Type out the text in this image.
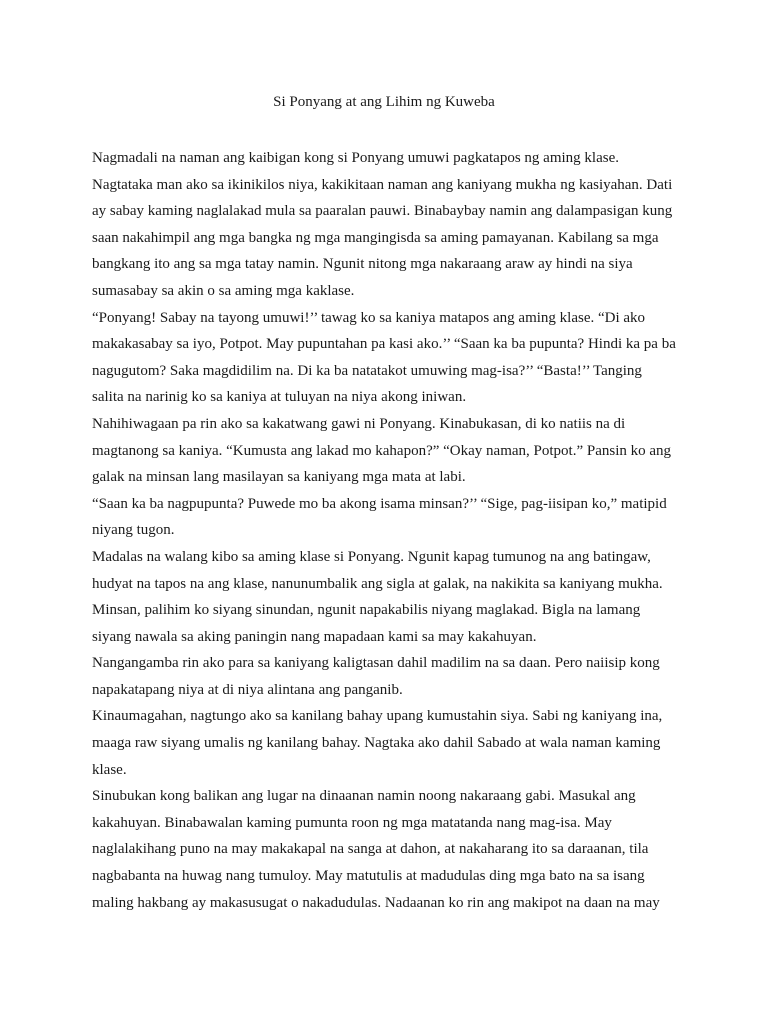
Si Ponyang at ang Lihim ng Kuweba
Nagmadali na naman ang kaibigan kong si Ponyang umuwi pagkatapos ng aming klase.
Nagtataka man ako sa ikinikilos niya, kakikitaan naman ang kaniyang mukha ng kasiyahan. Dati
ay sabay kaming naglalakad mula sa paaralan pauwi. Binabaybay namin ang dalampasigan kung
saan nakahimpil ang mga bangka ng mga mangingisda sa aming pamayanan. Kabilang sa mga
bangkang ito ang sa mga tatay namin. Ngunit nitong mga nakaraang araw ay hindi na siya
sumasabay sa akin o sa aming mga kaklase.
“Ponyang! Sabay na tayong umuwi!’’ tawag ko sa kaniya matapos ang aming klase. “Di ako
makakasabay sa iyo, Potpot. May pupuntahan pa kasi ako.’’ “Saan ka ba pupunta? Hindi ka pa ba
nagugutom? Saka magdidilim na. Di ka ba natatakot umuwing mag-isa?’’ “Basta!’’ Tanging
salita na narinig ko sa kaniya at tuluyan na niya akong iniwan.
Nahihiwagaan pa rin ako sa kakatwang gawi ni Ponyang. Kinabukasan, di ko natiis na di
magtanong sa kaniya. “Kumusta ang lakad mo kahapon?” “Okay naman, Potpot.” Pansin ko ang
galak na minsan lang masilayan sa kaniyang mga mata at labi.
“Saan ka ba nagpupunta? Puwede mo ba akong isama minsan?’’ “Sige, pag-iisipan ko,” matipid
niyang tugon.
Madalas na walang kibo sa aming klase si Ponyang. Ngunit kapag tumunog na ang batingaw,
hudyat na tapos na ang klase, nanunumbalik ang sigla at galak, na nakikita sa kaniyang mukha.
Minsan, palihim ko siyang sinundan, ngunit napakabilis niyang maglakad. Bigla na lamang
siyang nawala sa aking paningin nang mapadaan kami sa may kakahuyan.
Nangangamba rin ako para sa kaniyang kaligtasan dahil madilim na sa daan. Pero naiisip kong
napakatapang niya at di niya alintana ang panganib.
Kinaumagahan, nagtungo ako sa kanilang bahay upang kumustahin siya. Sabi ng kaniyang ina,
maaga raw siyang umalis ng kanilang bahay. Nagtaka ako dahil Sabado at wala naman kaming
klase.
Sinubukan kong balikan ang lugar na dinaanan namin noong nakaraang gabi. Masukal ang
kakahuyan. Binabawalan kaming pumunta roon ng mga matatanda nang mag-isa. May
naglalakihang puno na may makakapal na sanga at dahon, at nakaharang ito sa daraanan, tila
nagbabanta na huwag nang tumuloy. May matutulis at madudulas ding mga bato na sa isang
maling hakbang ay makasusugat o nakadudulas. Nadaanan ko rin ang makipot na daan na may
